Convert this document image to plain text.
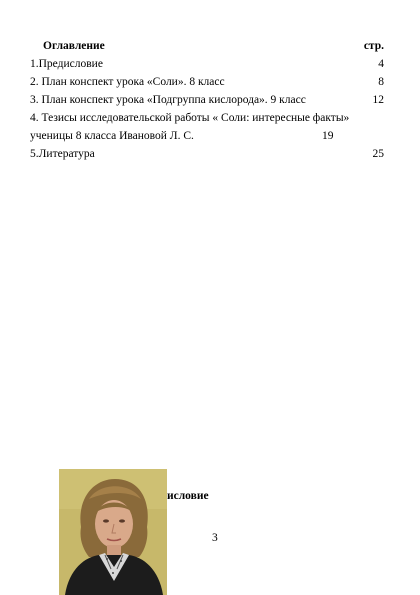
Оглавление	стр.
1.Предисловие	4
2. План конспект урока «Соли». 8 класс	8
3. План конспект урока «Подгруппа кислорода». 9 класс	12
4. Тезисы исследовательской работы « Соли: интересные факты»
ученицы 8 класса Ивановой Л. С.	19
5.Литература	25
исловие
3
